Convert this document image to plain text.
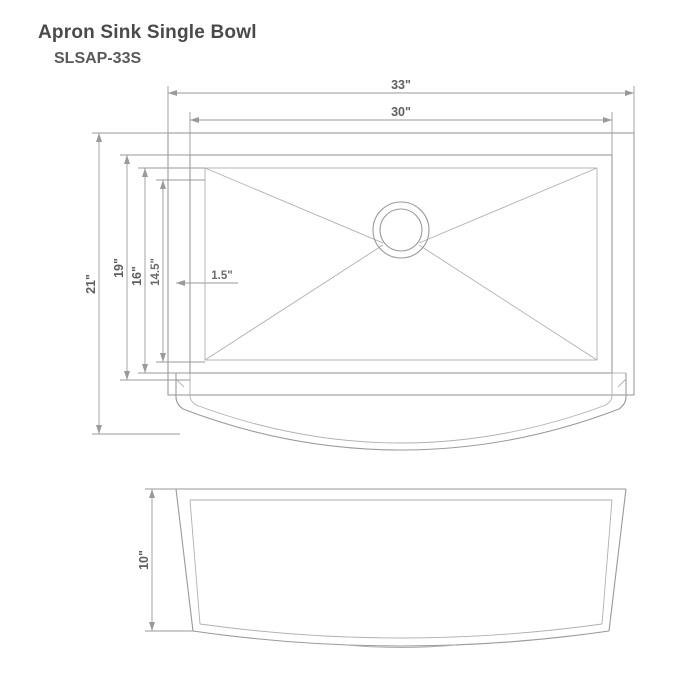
Apron Sink Single Bowl
SLSAP-33S
33"
30"
21"
19" 16" 14.5"	1.5"
10"
